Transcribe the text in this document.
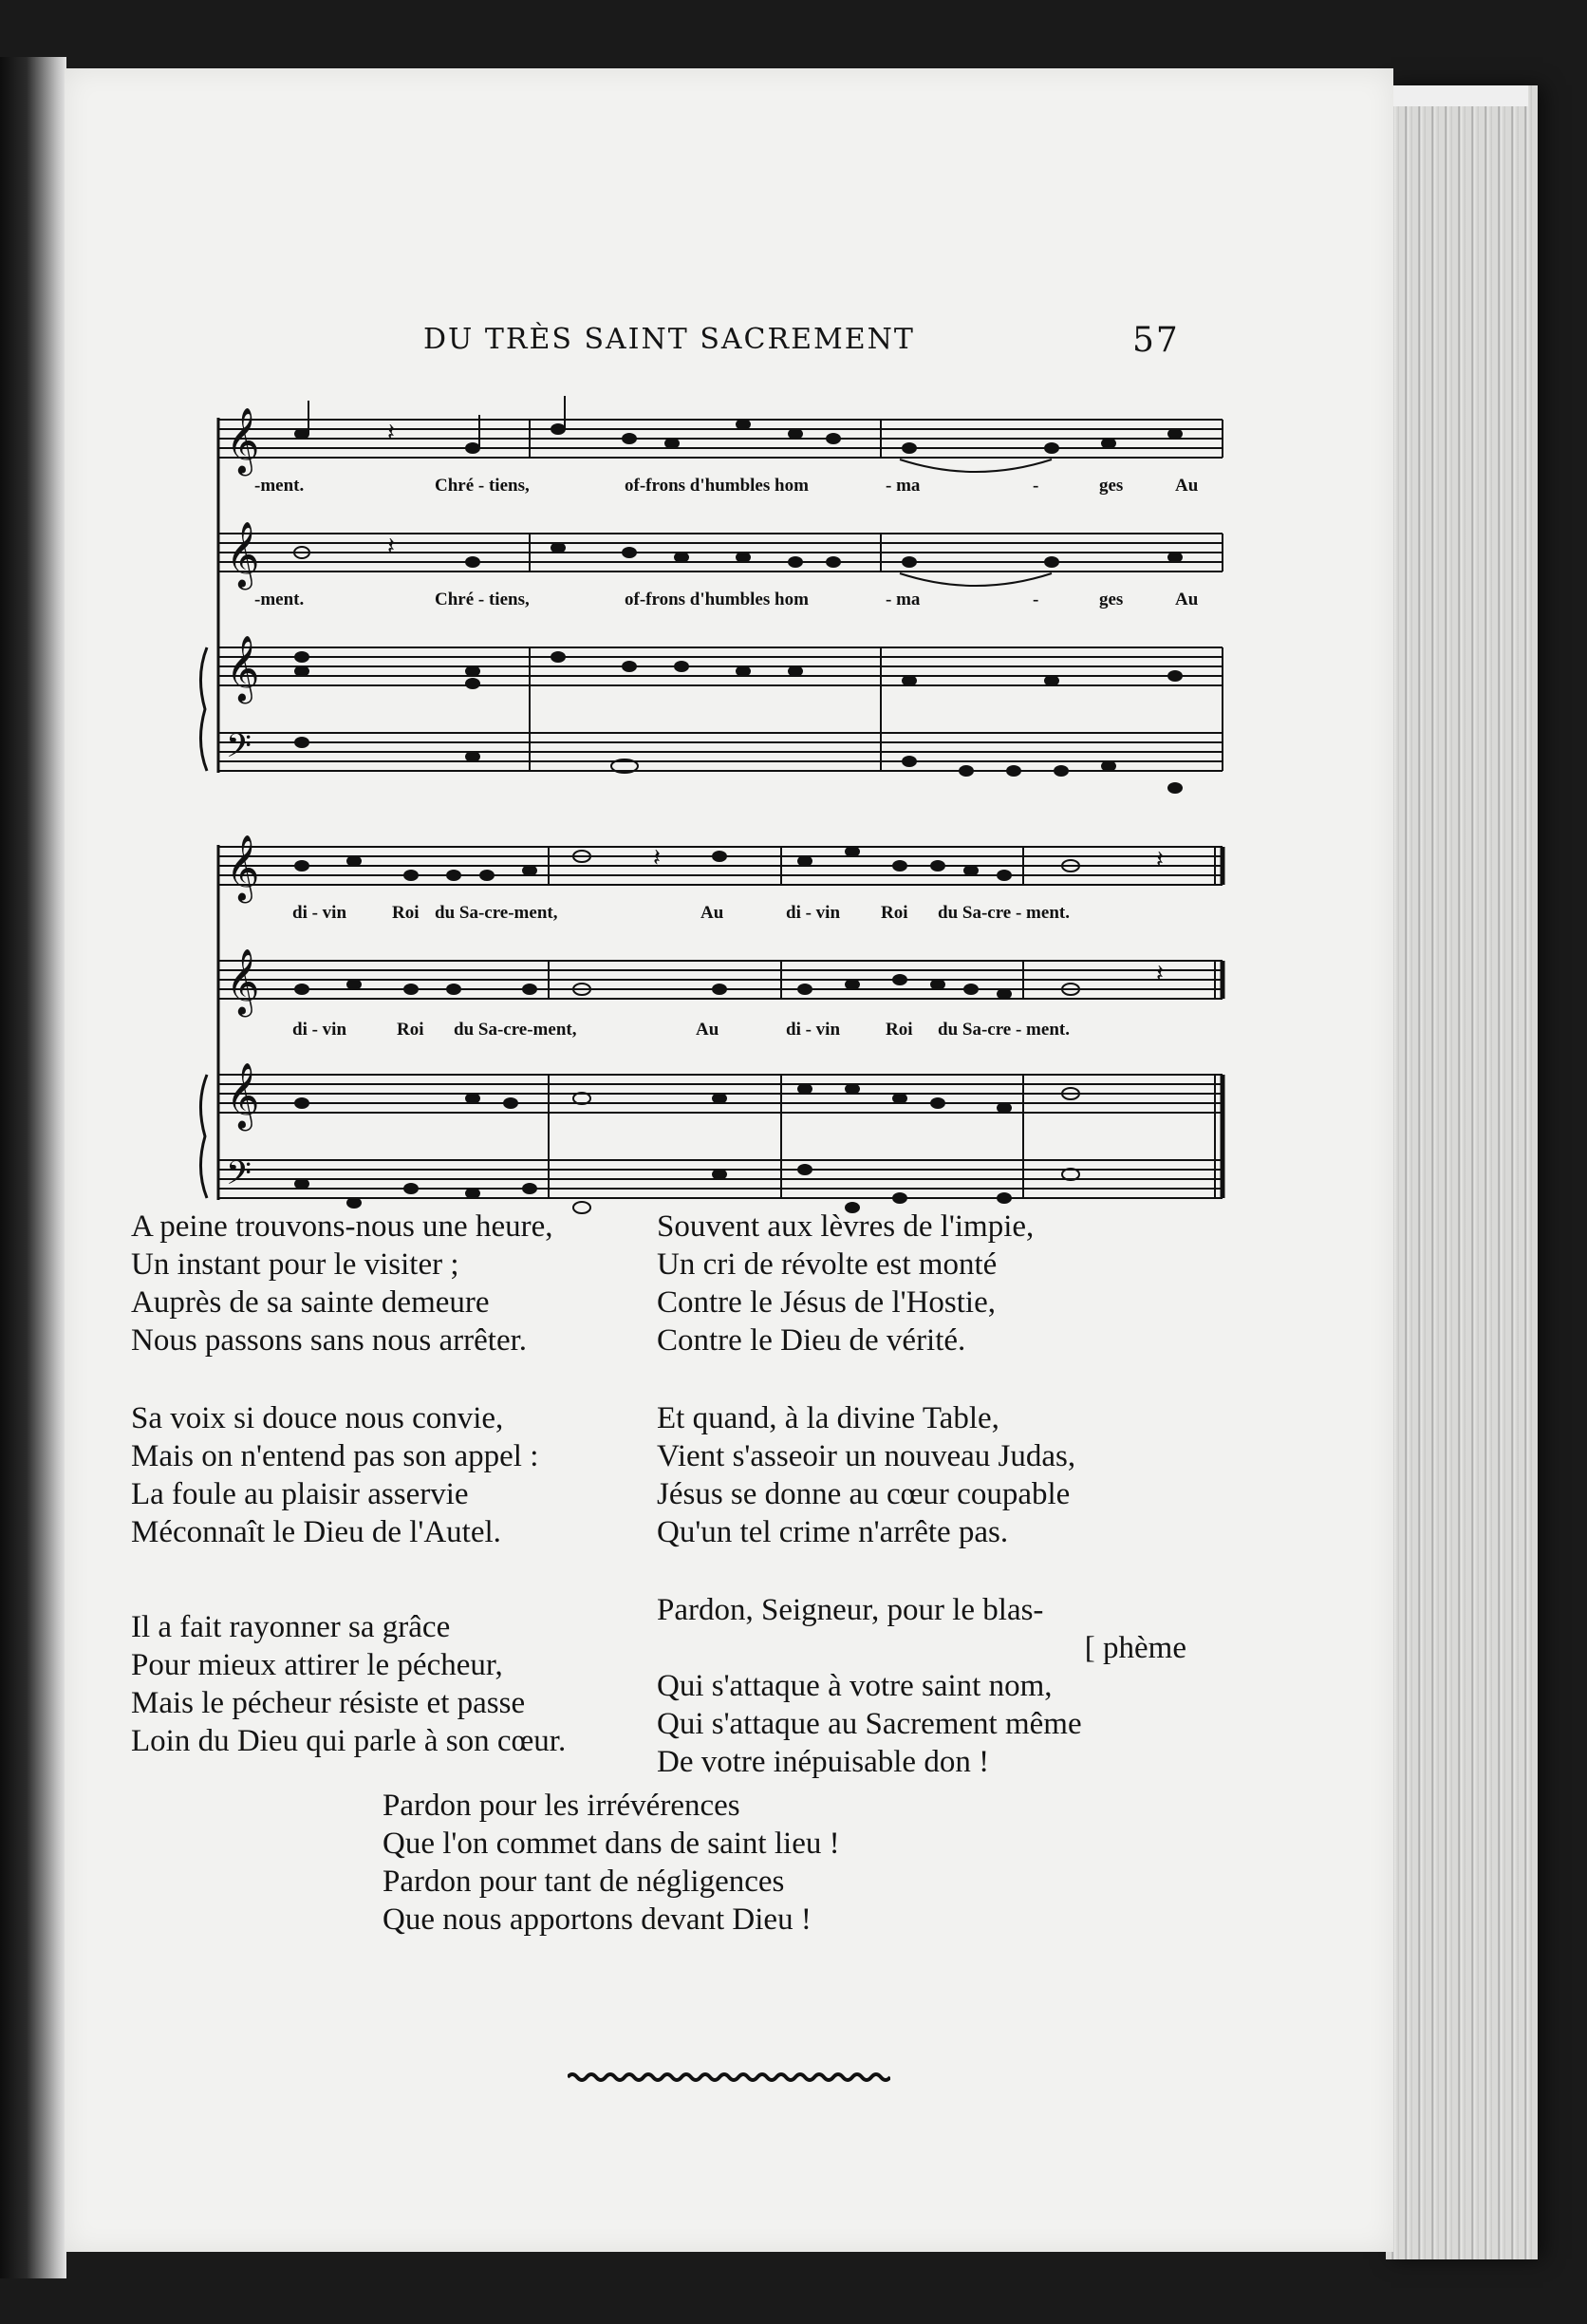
DU TRÈS SAINT SACREMENT	57
𝄞
𝄞
𝄞
𝄢
𝄽
𝄽
-ment.	Chré - tiens,	of-frons d'humbles hom	- ma	-	ges	Au
-ment.	Chré - tiens,	of-frons d'humbles hom	- ma	-	ges	Au
𝄞
𝄞
𝄞
𝄢
𝄽	𝄽
𝄽
di - vin	Roi du Sa-cre-ment,	Au	di - vin Roi du Sa-cre - ment.
di - vin	Roi du Sa-cre-ment,	Au	di - vin	Roi du Sa-cre - ment.
A peine trouvons-nous une heure,
Un instant pour le visiter ;
Auprès de sa sainte demeure
Nous passons sans nous arrêter.
Sa voix si douce nous convie,
Mais on n'entend pas son appel :
La foule au plaisir asservie
Méconnaît le Dieu de l'Autel.
Il a fait rayonner sa grâce
Pour mieux attirer le pécheur,
Mais le pécheur résiste et passe
Loin du Dieu qui parle à son cœur.
Souvent aux lèvres de l'impie,
Un cri de révolte est monté
Contre le Jésus de l'Hostie,
Contre le Dieu de vérité.
Et quand, à la divine Table,
Vient s'asseoir un nouveau Judas,
Jésus se donne au cœur coupable
Qu'un tel crime n'arrête pas.
Pardon, Seigneur, pour le blas-
[ phème
Qui s'attaque à votre saint nom,
Qui s'attaque au Sacrement même
De votre inépuisable don !
Pardon pour les irrévérences
Que l'on commet dans de saint lieu !
Pardon pour tant de négligences
Que nous apportons devant Dieu !
